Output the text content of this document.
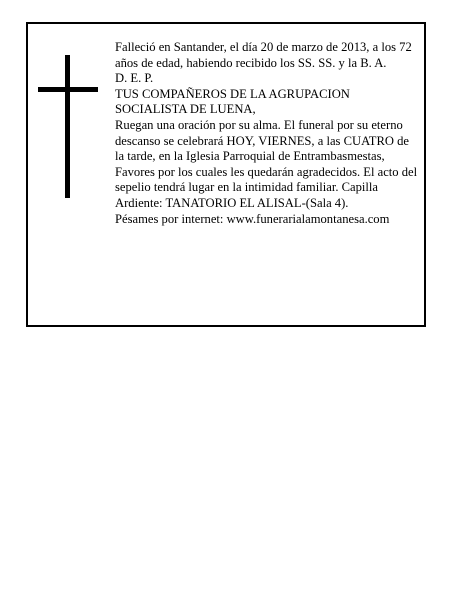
Falleció en Santander, el día 20 de marzo de 2013, a los 72 años de edad, habiendo recibido los SS. SS. y la B. A.

D. E. P.

TUS COMPAÑEROS DE LA AGRUPACION SOCIALISTA DE LUENA,

Ruegan una oración por su alma. El funeral por su eterno descanso se celebrará HOY, VIERNES, a las CUATRO de la tarde, en la Iglesia Parroquial de Entrambasmestas, Favores por los cuales les quedarán agradecidos. El acto del sepelio tendrá lugar en la intimidad familiar. Capilla Ardiente: TANATORIO EL ALISAL-(Sala 4).

Pésames por internet: www.funerarialamontanesa.com
